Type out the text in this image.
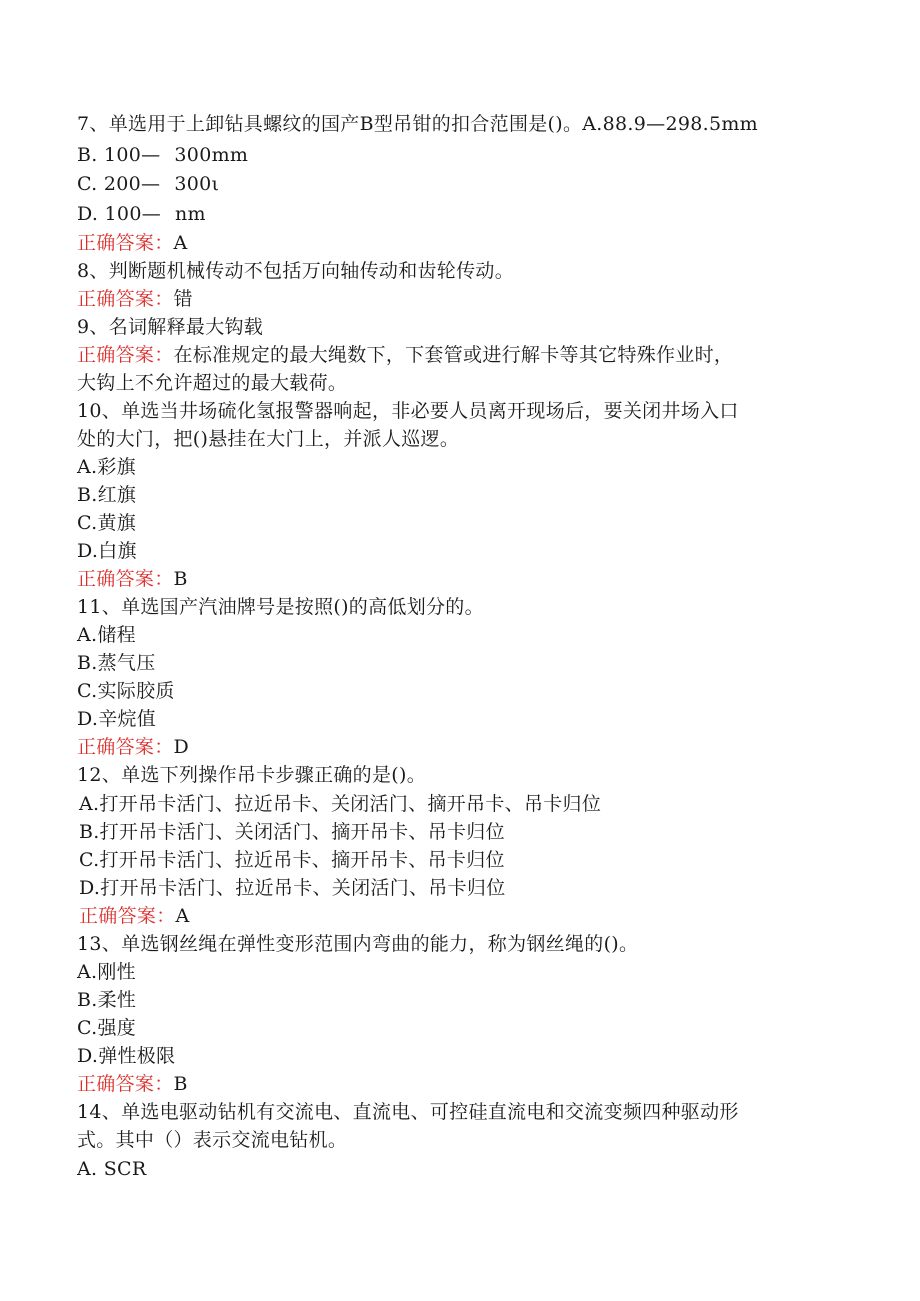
7、单选用于上卸钻具螺纹的国产B型吊钳的扣合范围是()。A.88.9—298.5mm
B. 100— 300mm
C. 200— 300ι
D. 100— nm
正确答案：A
8、判断题机械传动不包括万向轴传动和齿轮传动。
正确答案：错
9、名词解释最大钩载
正确答案：在标准规定的最大绳数下，下套管或进行解卡等其它特殊作业时，
大钩上不允许超过的最大载荷。
10、单选当井场硫化氢报警器响起，非必要人员离开现场后，要关闭井场入口
处的大门，把()悬挂在大门上，并派人巡逻。
A.彩旗
B.红旗
C.黄旗
D.白旗
正确答案：B
11、单选国产汽油牌号是按照()的高低划分的。
A.储程
B.蒸气压
C.实际胶质
D.辛烷值
正确答案：D
12、单选下列操作吊卡步骤正确的是()。
A.打开吊卡活门、拉近吊卡、关闭活门、摘开吊卡、吊卡归位
B.打开吊卡活门、关闭活门、摘开吊卡、吊卡归位
C.打开吊卡活门、拉近吊卡、摘开吊卡、吊卡归位
D.打开吊卡活门、拉近吊卡、关闭活门、吊卡归位
正确答案：A
13、单选钢丝绳在弹性变形范围内弯曲的能力，称为钢丝绳的()。
A.刚性
B.柔性
C.强度
D.弹性极限
正确答案：B
14、单选电驱动钻机有交流电、直流电、可控硅直流电和交流变频四种驱动形
式。其中（）表示交流电钻机。
A. SCR
